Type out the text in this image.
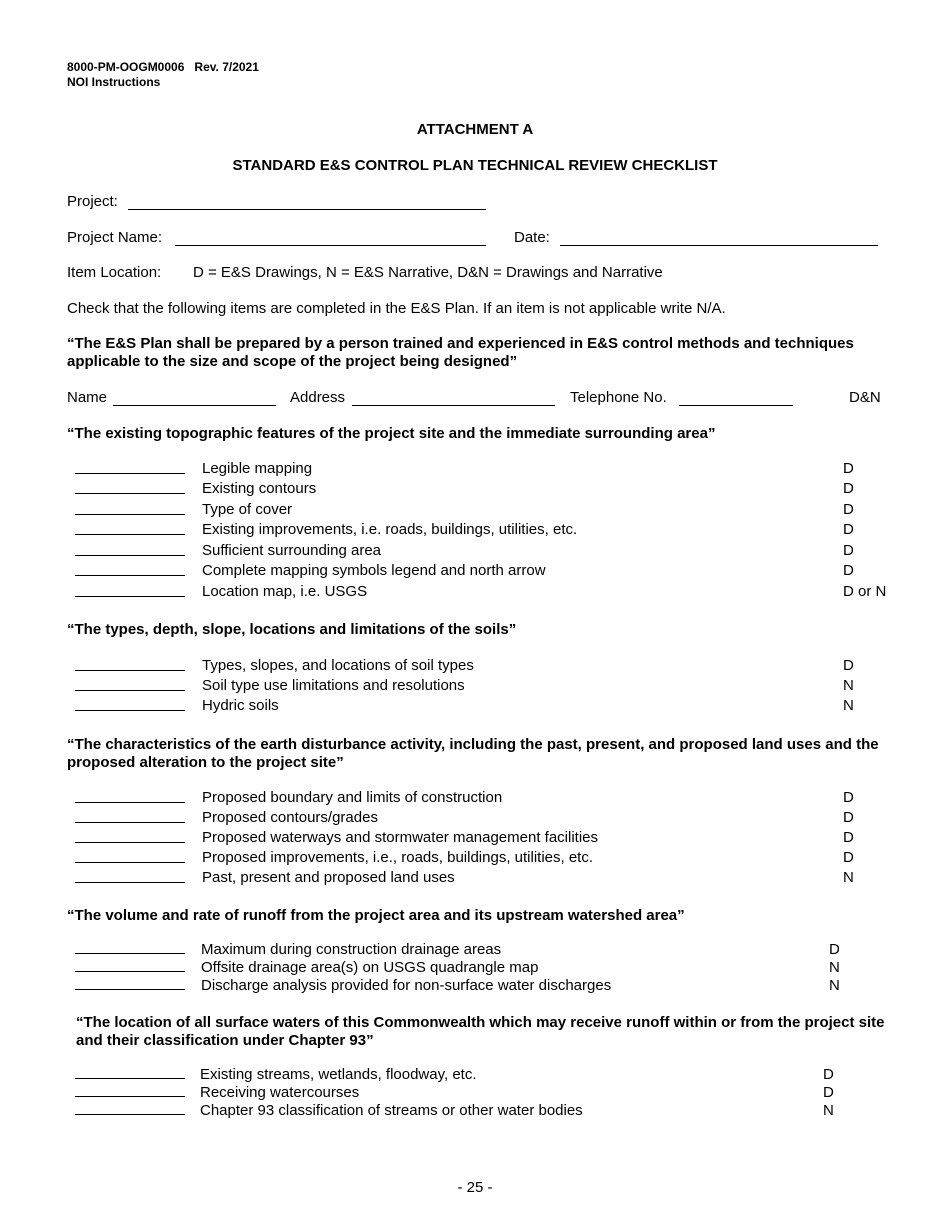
8000-PM-OOGM0006 Rev. 7/2021
NOI Instructions
ATTACHMENT A
STANDARD E&S CONTROL PLAN TECHNICAL REVIEW CHECKLIST
Project:
Project Name:	Date:
Item Location: D = E&S Drawings, N = E&S Narrative, D&N = Drawings and Narrative
Check that the following items are completed in the E&S Plan. If an item is not applicable write N/A.
“The E&S Plan shall be prepared by a person trained and experienced in E&S control methods and techniques applicable to the size and scope of the project being designed”
Name	Address	Telephone No.	D&N
“The existing topographic features of the project site and the immediate surrounding area”
Legible mapping	D
Existing contours	D
Type of cover	D
Existing improvements, i.e. roads, buildings, utilities, etc.	D
Sufficient surrounding area	D
Complete mapping symbols legend and north arrow	D
Location map, i.e. USGS	D or N
“The types, depth, slope, locations and limitations of the soils”
Types, slopes, and locations of soil types	D
Soil type use limitations and resolutions	N
Hydric soils	N
“The characteristics of the earth disturbance activity, including the past, present, and proposed land uses and the proposed alteration to the project site”
Proposed boundary and limits of construction	D
Proposed contours/grades	D
Proposed waterways and stormwater management facilities	D
Proposed improvements, i.e., roads, buildings, utilities, etc.	D
Past, present and proposed land uses	N
“The volume and rate of runoff from the project area and its upstream watershed area”
Maximum during construction drainage areas	D
Offsite drainage area(s) on USGS quadrangle map	N
Discharge analysis provided for non-surface water discharges	N
“The location of all surface waters of this Commonwealth which may receive runoff within or from the project site and their classification under Chapter 93”
Existing streams, wetlands, floodway, etc.	D
Receiving watercourses	D
Chapter 93 classification of streams or other water bodies	N
- 25 -
